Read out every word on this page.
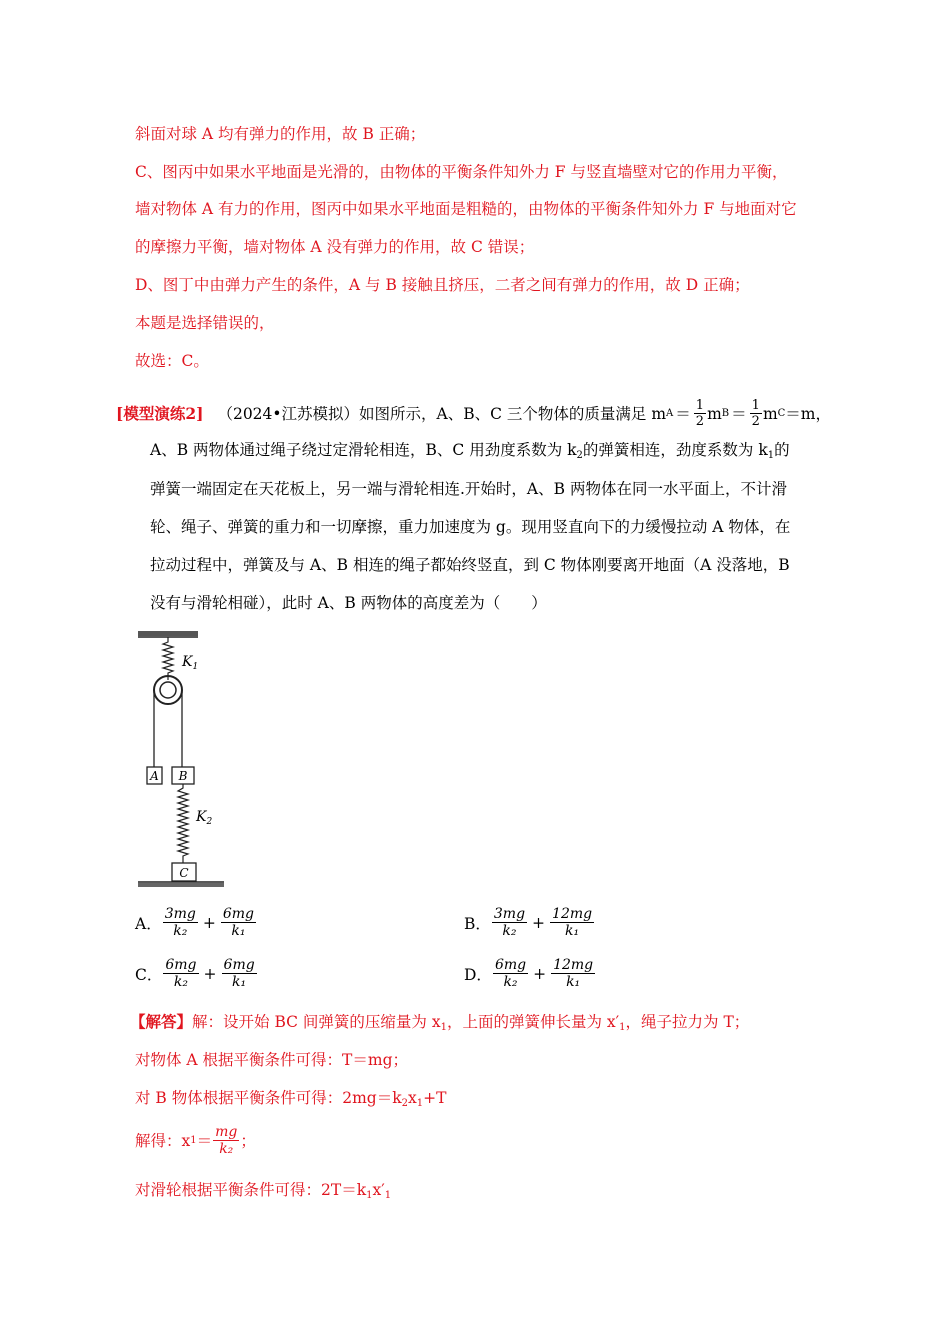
斜面对球 A 均有弹力的作用，故 B 正确；
C、图丙中如果水平地面是光滑的，由物体的平衡条件知外力 F 与竖直墙壁对它的作用力平衡，
墙对物体 A 有力的作用，图丙中如果水平地面是粗糙的，由物体的平衡条件知外力 F 与地面对它
的摩擦力平衡，墙对物体 A 没有弹力的作用，故 C 错误；
D、图丁中由弹力产生的条件，A 与 B 接触且挤压，二者之间有弹力的作用，故 D 正确；
本题是选择错误的，
故选：C。
[模型演练2] （2024•江苏模拟）如图所示，A、B、C 三个物体的质量满足 m $A = \frac{1}{2}$ m $B = \frac{1}{2}$ m C ＝m，
A、B 两物体通过绳子绕过定滑轮相连，B、C 用劲度系数为 $k_2$的弹簧相连，劲度系数为 $k_1$的
弹簧一端固定在天花板上，另一端与滑轮相连.开始时，A、B 两物体在同一水平面上，不计滑
轮、绳子、弹簧的重力和一切摩擦，重力加速度为 g。现用竖直向下的力缓慢拉动 A 物体，在
拉动过程中，弹簧及与 A、B 相连的绳子都始终竖直，到 C 物体刚要离开地面（A 没落地，B
没有与滑轮相碰），此时 A、B 两物体的高度差为（　　）
$K_1$
A B
$K_2$
C
A． $\frac{3mg}{\text{k₂}} + \frac{6mg}{\text{k₁}}$	B． $\frac{3mg}{\text{k₂}} + \frac{12mg}{\text{k₁}}$
C． $\frac{6mg}{\text{k₂}} + \frac{6mg}{\text{k₁}}$	D． $\frac{6mg}{\text{k₂}} + \frac{12mg}{\text{k₁}}$
【解答】解：设开始 BC 间弹簧的压缩量为 $x_1$，上面的弹簧伸长量为 $x'_1$，绳子拉力为 T；
对物体 A 根据平衡条件可得：T＝mg；
对 B 物体根据平衡条件可得：$2mg=k_2x_1+T$
解得：x $1 = \frac{mg}{\text{k₂}}$ ；
对滑轮根据平衡条件可得：$2T=k_1x'_1$
